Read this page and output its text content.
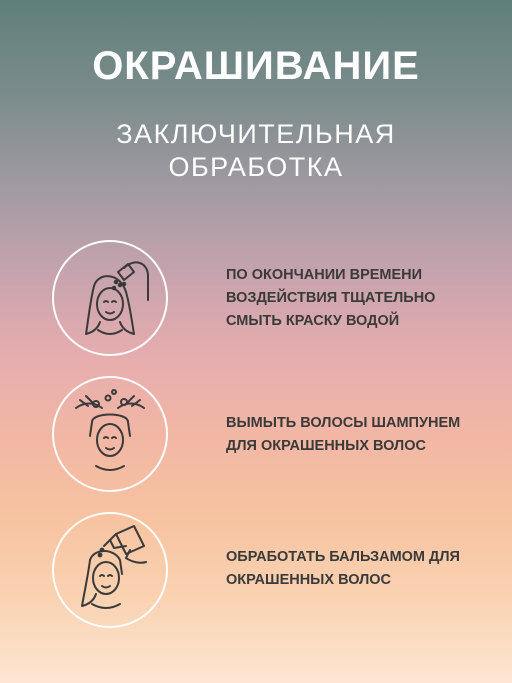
ОКРАШИВАНИЕ
ЗАКЛЮЧИТЕЛЬНАЯ
ОБРАБОТКА
ПО ОКОНЧАНИИ ВРЕМЕНИ ВОЗДЕЙСТВИЯ ТЩАТЕЛЬНО СМЫТЬ КРАСКУ ВОДОЙ
ВЫМЫТЬ ВОЛОСЫ ШАМПУНЕМ ДЛЯ ОКРАШЕННЫХ ВОЛОС
ОБРАБОТАТЬ БАЛЬЗАМОМ ДЛЯ ОКРАШЕННЫХ ВОЛОС
